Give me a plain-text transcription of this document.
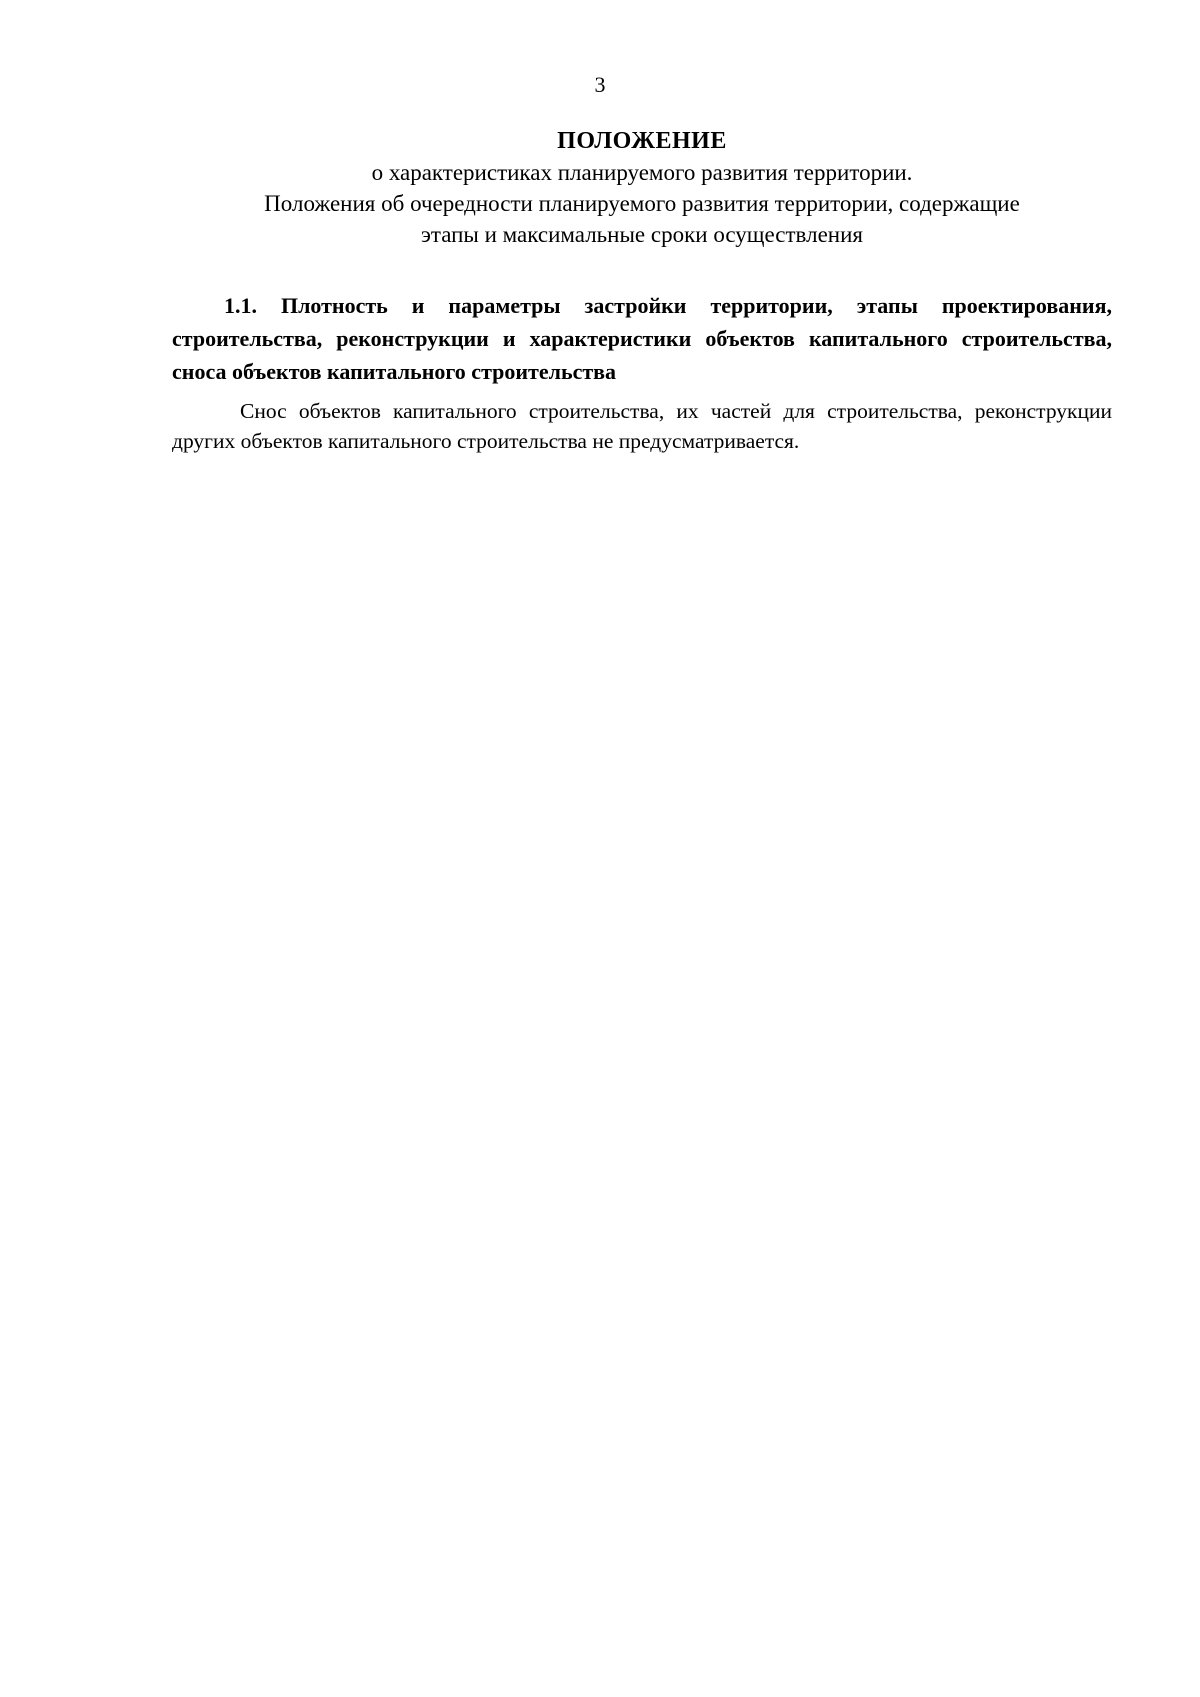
3
ПОЛОЖЕНИЕ
о характеристиках планируемого развития территории.
Положения об очередности планируемого развития территории, содержащие
этапы и максимальные сроки осуществления
1.1. Плотность и параметры застройки территории, этапы проектирования, строительства, реконструкции и характеристики объектов капитального строительства, сноса объектов капитального строительства
Снос объектов капитального строительства, их частей для строительства, реконструкции других объектов капитального строительства не предусматривается.
